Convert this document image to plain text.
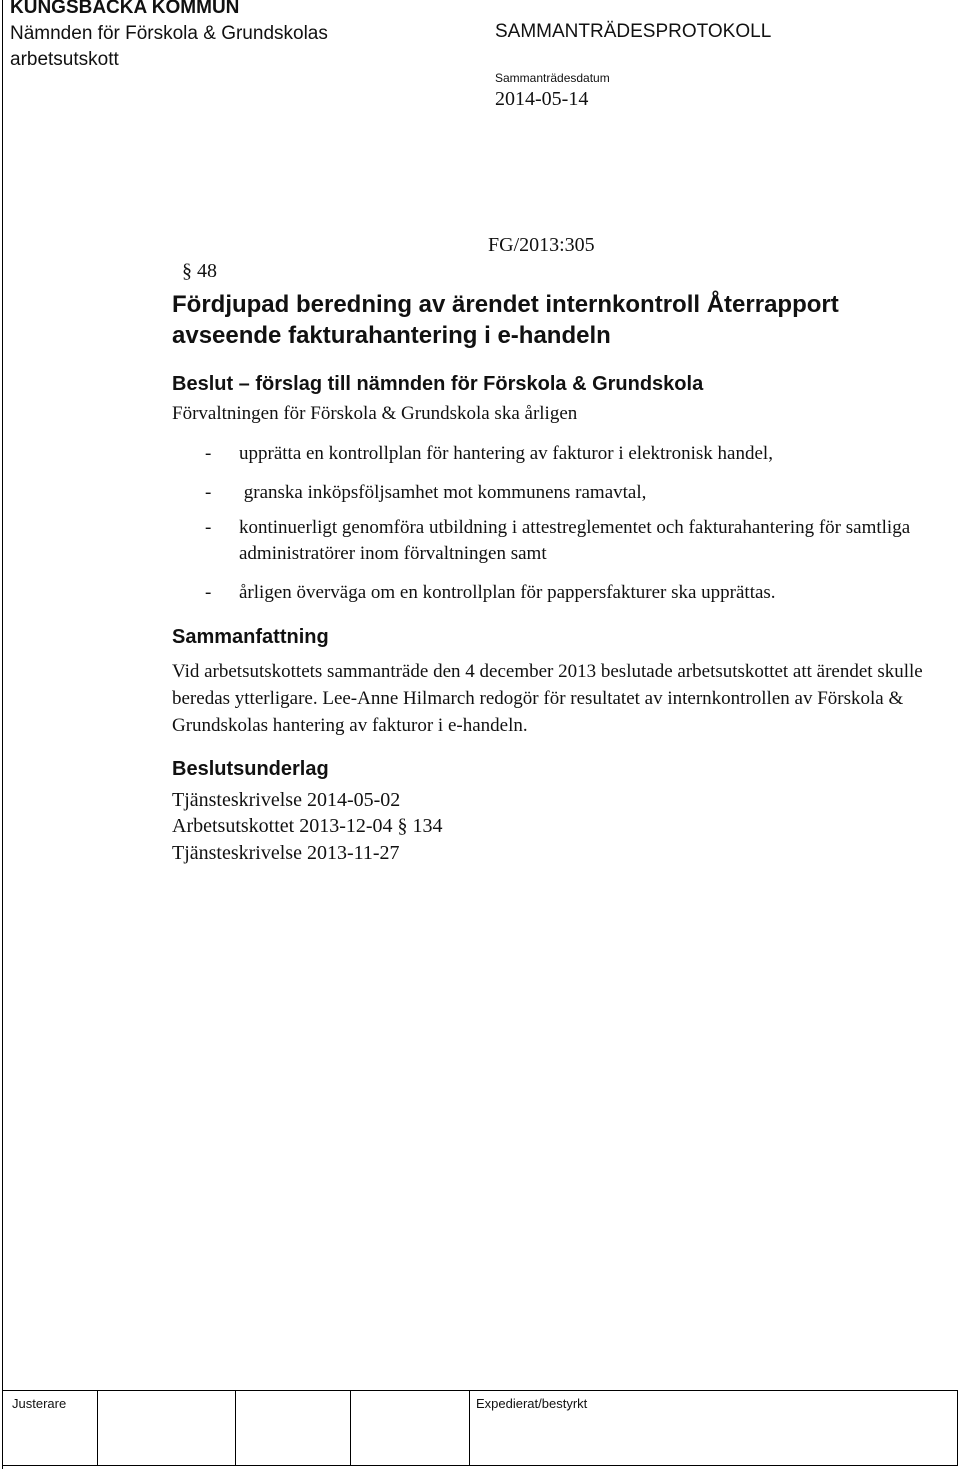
KUNGSBACKA KOMMUN
Nämnden för Förskola & Grundskolas arbetsutskott
SAMMANTRÄDESPROTOKOLL
Sammanträdesdatum
2014-05-14

§ 48

FG/2013:305

Fördjupad beredning av ärendet internkontroll Återrapport avseende fakturahantering i e-handeln
Beslut – förslag till nämnden för Förskola & Grundskola
Förvaltningen för Förskola & Grundskola ska årligen
- upprätta en kontrollplan för hantering av fakturor i elektronisk handel,
- granska inköpsföljsamhet mot kommunens ramavtal,
- kontinuerligt genomföra utbildning i attestreglementet och fakturahantering för samtliga administratörer inom förvaltningen samt
- årligen överväga om en kontrollplan för pappersfakturer ska upprättas.
Sammanfattning
Vid arbetsutskottets sammanträde den 4 december 2013 beslutade arbetsutskottet att ärendet skulle beredas ytterligare. Lee-Anne Hilmarch redogör för resultatet av internkontrollen av Förskola & Grundskolas hantering av fakturor i e-handeln.
Beslutsunderlag
Tjänsteskrivelse 2014-05-02
Arbetsutskottet 2013-12-04 § 134
Tjänsteskrivelse 2013-11-27
Justerare	Expedierat/bestyrkt
